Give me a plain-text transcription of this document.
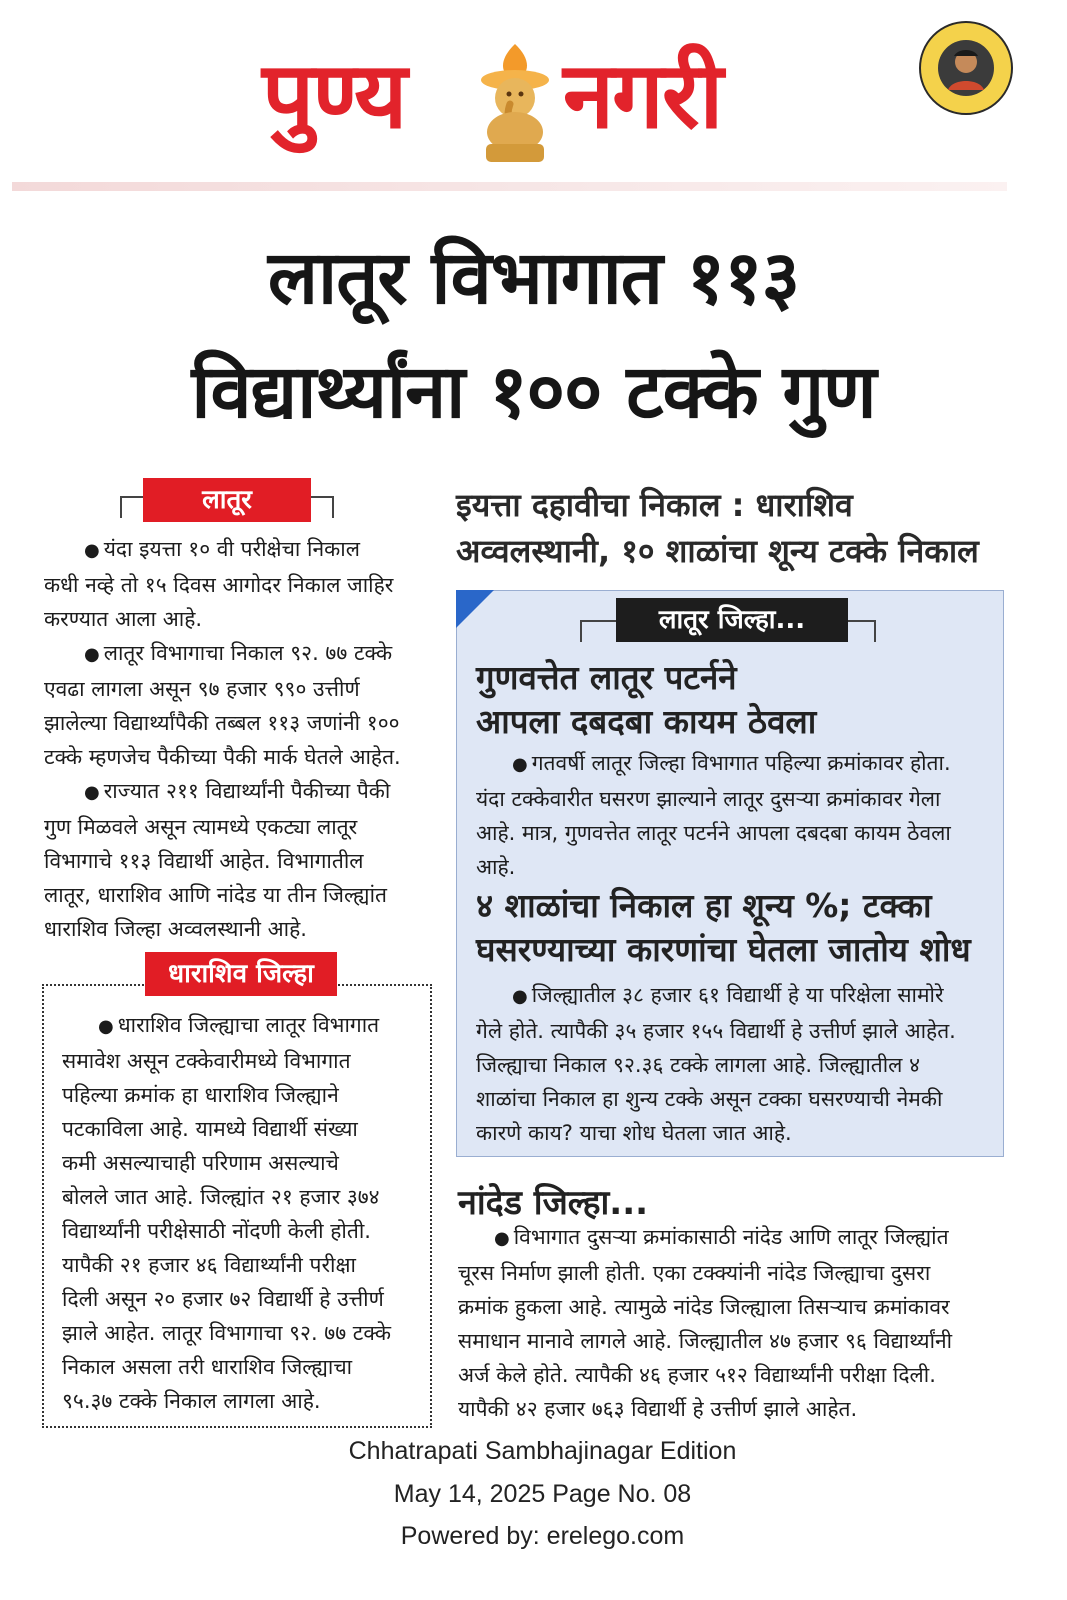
पुण्य नगरी
लातूर विभागात ११३
विद्यार्थ्यांना १०० टक्के गुण
लातूर

● यंदा इयत्ता १० वी परीक्षेचा निकाल
कधी नव्हे तो १५ दिवस आगोदर निकाल जाहिर
करण्यात आला आहे.

● लातूर विभागाचा निकाल ९२. ७७ टक्के
एवढा लागला असून ९७ हजार ९९० उत्तीर्ण
झालेल्या विद्यार्थ्यांपैकी तब्बल ११३ जणांनी १००
टक्के म्हणजेच पैकीच्या पैकी मार्क घेतले आहेत.

● राज्यात २११ विद्यार्थ्यांनी पैकीच्या पैकी
गुण मिळवले असून त्यामध्ये एकट्या लातूर
विभागाचे ११३ विद्यार्थी आहेत. विभागातील
लातूर, धाराशिव आणि नांदेड या तीन जिल्ह्यांत
धाराशिव जिल्हा अव्वलस्थानी आहे.

धाराशिव जिल्हा
● धाराशिव जिल्ह्याचा लातूर विभागात
समावेश असून टक्केवारीमध्ये विभागात
पहिल्या क्रमांक हा धाराशिव जिल्ह्याने
पटकाविला आहे. यामध्ये विद्यार्थी संख्या
कमी असल्याचाही परिणाम असल्याचे
बोलले जात आहे. जिल्ह्यांत २१ हजार ३७४
विद्यार्थ्यांनी परीक्षेसाठी नोंदणी केली होती.
यापैकी २१ हजार ४६ विद्यार्थ्यांनी परीक्षा
दिली असून २० हजार ७२ विद्यार्थी हे उत्तीर्ण
झाले आहेत. लातूर विभागाचा ९२. ७७ टक्के
निकाल असला तरी धाराशिव जिल्ह्याचा
९५.३७ टक्के निकाल लागला आहे.
इयत्ता दहावीचा निकाल : धाराशिव
अव्वलस्थानी, १० शाळांचा शून्य टक्के निकाल
लातूर जिल्हा...
गुणवत्तेत लातूर पटर्नने
आपला दबदबा कायम ठेवला
● गतवर्षी लातूर जिल्हा विभागात पहिल्या क्रमांकावर होता.
यंदा टक्केवारीत घसरण झाल्याने लातूर दुसऱ्या क्रमांकावर गेला
आहे. मात्र, गुणवत्तेत लातूर पटर्नने आपला दबदबा कायम ठेवला
आहे.
४ शाळांचा निकाल हा शून्य %; टक्का
घसरण्याच्या कारणांचा घेतला जातोय शोध
● जिल्ह्यातील ३८ हजार ६१ विद्यार्थी हे या परिक्षेला सामोरे
गेले होते. त्यापैकी ३५ हजार १५५ विद्यार्थी हे उत्तीर्ण झाले आहेत.
जिल्ह्याचा निकाल ९२.३६ टक्के लागला आहे. जिल्ह्यातील ४
शाळांचा निकाल हा शुन्य टक्के असून टक्का घसरण्याची नेमकी
कारणे काय? याचा शोध घेतला जात आहे.
नांदेड जिल्हा...
● विभागात दुसऱ्या क्रमांकासाठी नांदेड आणि लातूर जिल्ह्यांत
चूरस निर्माण झाली होती. एका टक्क्यांनी नांदेड जिल्ह्याचा दुसरा
क्रमांक हुकला आहे. त्यामुळे नांदेड जिल्ह्याला तिसऱ्याच क्रमांकावर
समाधान मानावे लागले आहे. जिल्ह्यातील ४७ हजार ९६ विद्यार्थ्यांनी
अर्ज केले होते. त्यापैकी ४६ हजार ५१२ विद्यार्थ्यांनी परीक्षा दिली.
यापैकी ४२ हजार ७६३ विद्यार्थी हे उत्तीर्ण झाले आहेत.
Chhatrapati Sambhajinagar Edition
May 14, 2025 Page No. 08
Powered by: erelego.com
